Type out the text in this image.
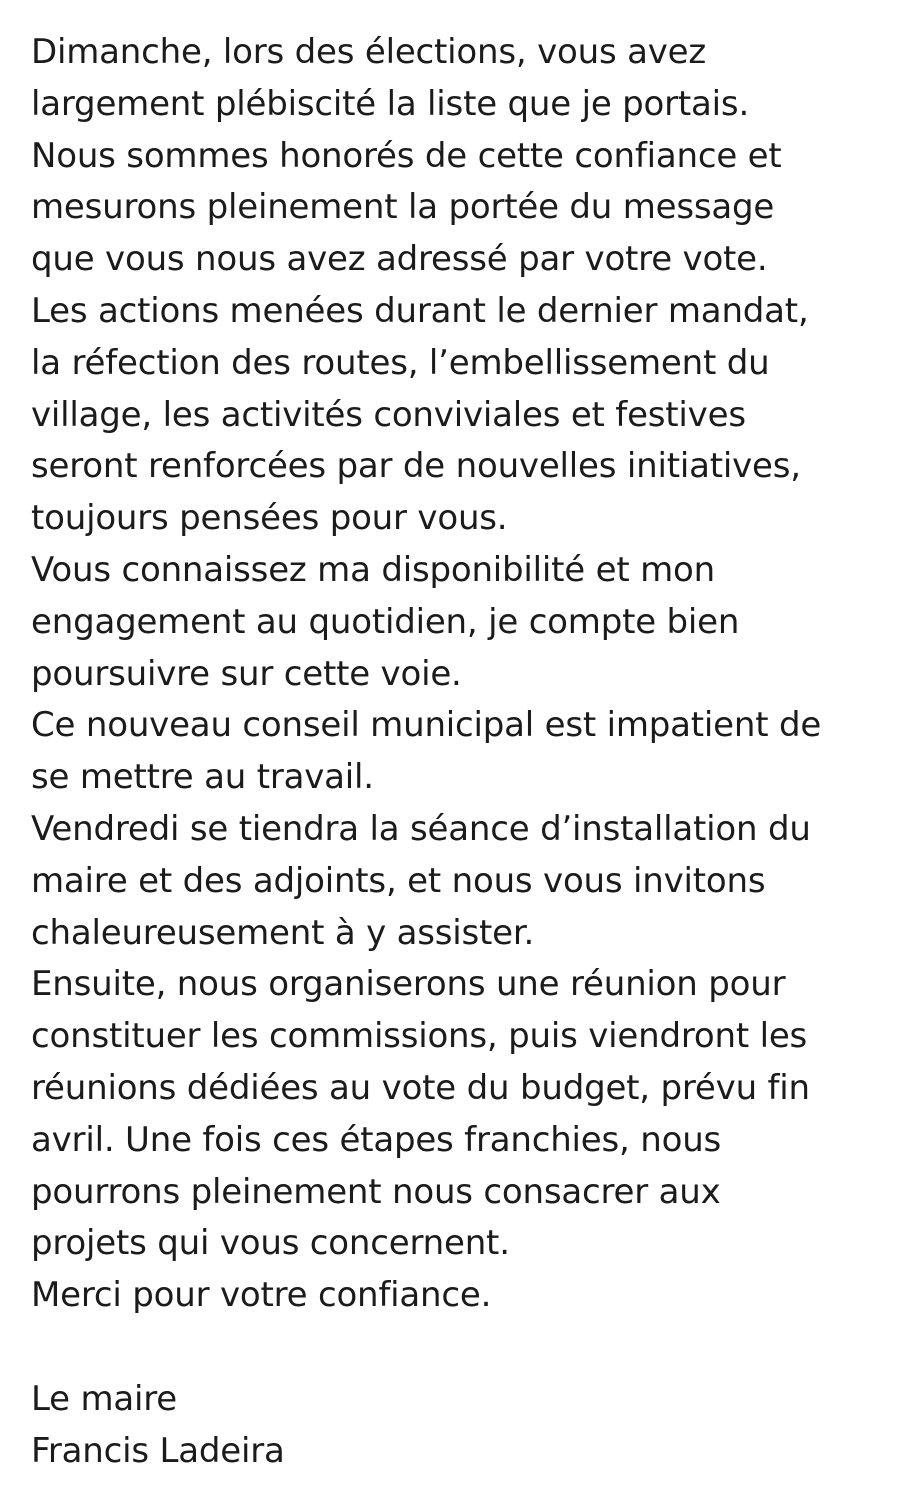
Dimanche, lors des élections, vous avez
largement plébiscité la liste que je portais.
Nous sommes honorés de cette confiance et
mesurons pleinement la portée du message
que vous nous avez adressé par votre vote.
Les actions menées durant le dernier mandat,
la réfection des routes, l’embellissement du
village, les activités conviviales et festives
seront renforcées par de nouvelles initiatives,
toujours pensées pour vous.
Vous connaissez ma disponibilité et mon
engagement au quotidien, je compte bien
poursuivre sur cette voie.
Ce nouveau conseil municipal est impatient de
se mettre au travail.
Vendredi se tiendra la séance d’installation du
maire et des adjoints, et nous vous invitons
chaleureusement à y assister.
Ensuite, nous organiserons une réunion pour
constituer les commissions, puis viendront les
réunions dédiées au vote du budget, prévu fin
avril. Une fois ces étapes franchies, nous
pourrons pleinement nous consacrer aux
projets qui vous concernent.
Merci pour votre confiance.
Le maire
Francis Ladeira
